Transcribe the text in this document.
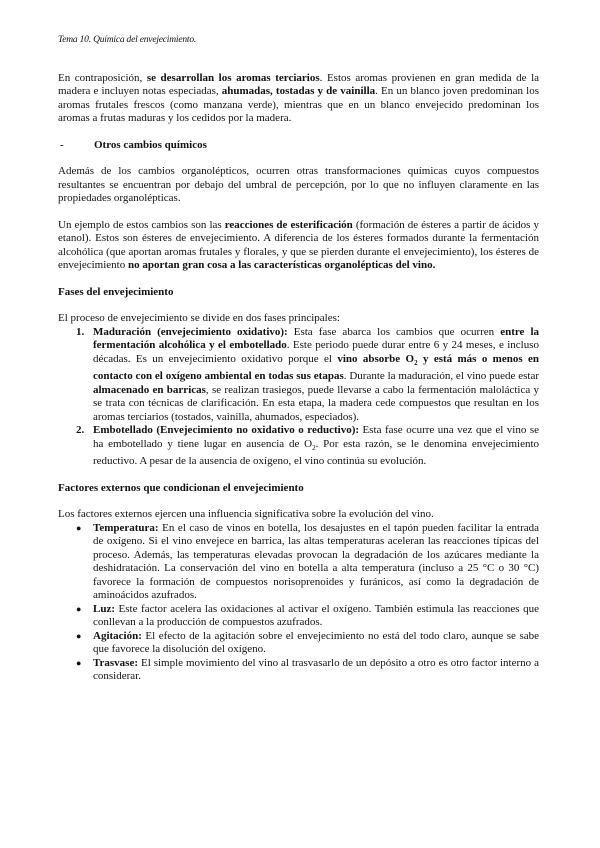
Tema 10. Química del envejecimiento.

En contraposición, se desarrollan los aromas terciarios. Estos aromas provienen en gran medida de la madera e incluyen notas especiadas, ahumadas, tostadas y de vainilla. En un blanco joven predominan los aromas frutales frescos (como manzana verde), mientras que en un blanco envejecido predominan los aromas a frutas maduras y los cedidos por la madera.

-	Otros cambios químicos

Además de los cambios organolépticos, ocurren otras transformaciones químicas cuyos compuestos resultantes se encuentran por debajo del umbral de percepción, por lo que no influyen claramente en las propiedades organolépticas.

Un ejemplo de estos cambios son las reacciones de esterificación (formación de ésteres a partir de ácidos y etanol). Estos son ésteres de envejecimiento. A diferencia de los ésteres formados durante la fermentación alcohólica (que aportan aromas frutales y florales, y que se pierden durante el envejecimiento), los ésteres de envejecimiento no aportan gran cosa a las características organolépticas del vino.

Fases del envejecimiento

El proceso de envejecimiento se divide en dos fases principales:

1. Maduración (envejecimiento oxidativo): Esta fase abarca los cambios que ocurren entre la fermentación alcohólica y el embotellado. Este periodo puede durar entre 6 y 24 meses, e incluso décadas. Es un envejecimiento oxidativo porque el vino absorbe $O_2$ y está más o menos en contacto con el oxígeno ambiental en todas sus etapas. Durante la maduración, el vino puede estar almacenado en barricas, se realizan trasiegos, puede llevarse a cabo la fermentación maloláctica y se trata con técnicas de clarificación. En esta etapa, la madera cede compuestos que resultan en los aromas terciarios (tostados, vainilla, ahumados, especiados).
2. Embotellado (Envejecimiento no oxidativo o reductivo): Esta fase ocurre una vez que el vino se ha embotellado y tiene lugar en ausencia de $O_2$. Por esta razón, se le denomina envejecimiento reductivo. A pesar de la ausencia de oxígeno, el vino continúa su evolución.
Factores externos que condicionan el envejecimiento

Los factores externos ejercen una influencia significativa sobre la evolución del vino.

●	Temperatura: En el caso de vinos en botella, los desajustes en el tapón pueden facilitar la entrada de oxígeno. Si el vino envejece en barrica, las altas temperaturas aceleran las reacciones típicas del proceso. Además, las temperaturas elevadas provocan la degradación de los azúcares mediante la deshidratación. La conservación del vino en botella a alta temperatura (incluso a 25 °C o 30 °C) favorece la formación de compuestos norisoprenoides y furánicos, así como la degradación de aminoácidos azufrados.
●	Luz: Este factor acelera las oxidaciones al activar el oxígeno. También estimula las reacciones que conllevan a la producción de compuestos azufrados.
●	Agitación: El efecto de la agitación sobre el envejecimiento no está del todo claro, aunque se sabe que favorece la disolución del oxígeno.
●	Trasvase: El simple movimiento del vino al trasvasarlo de un depósito a otro es otro factor interno a considerar.
